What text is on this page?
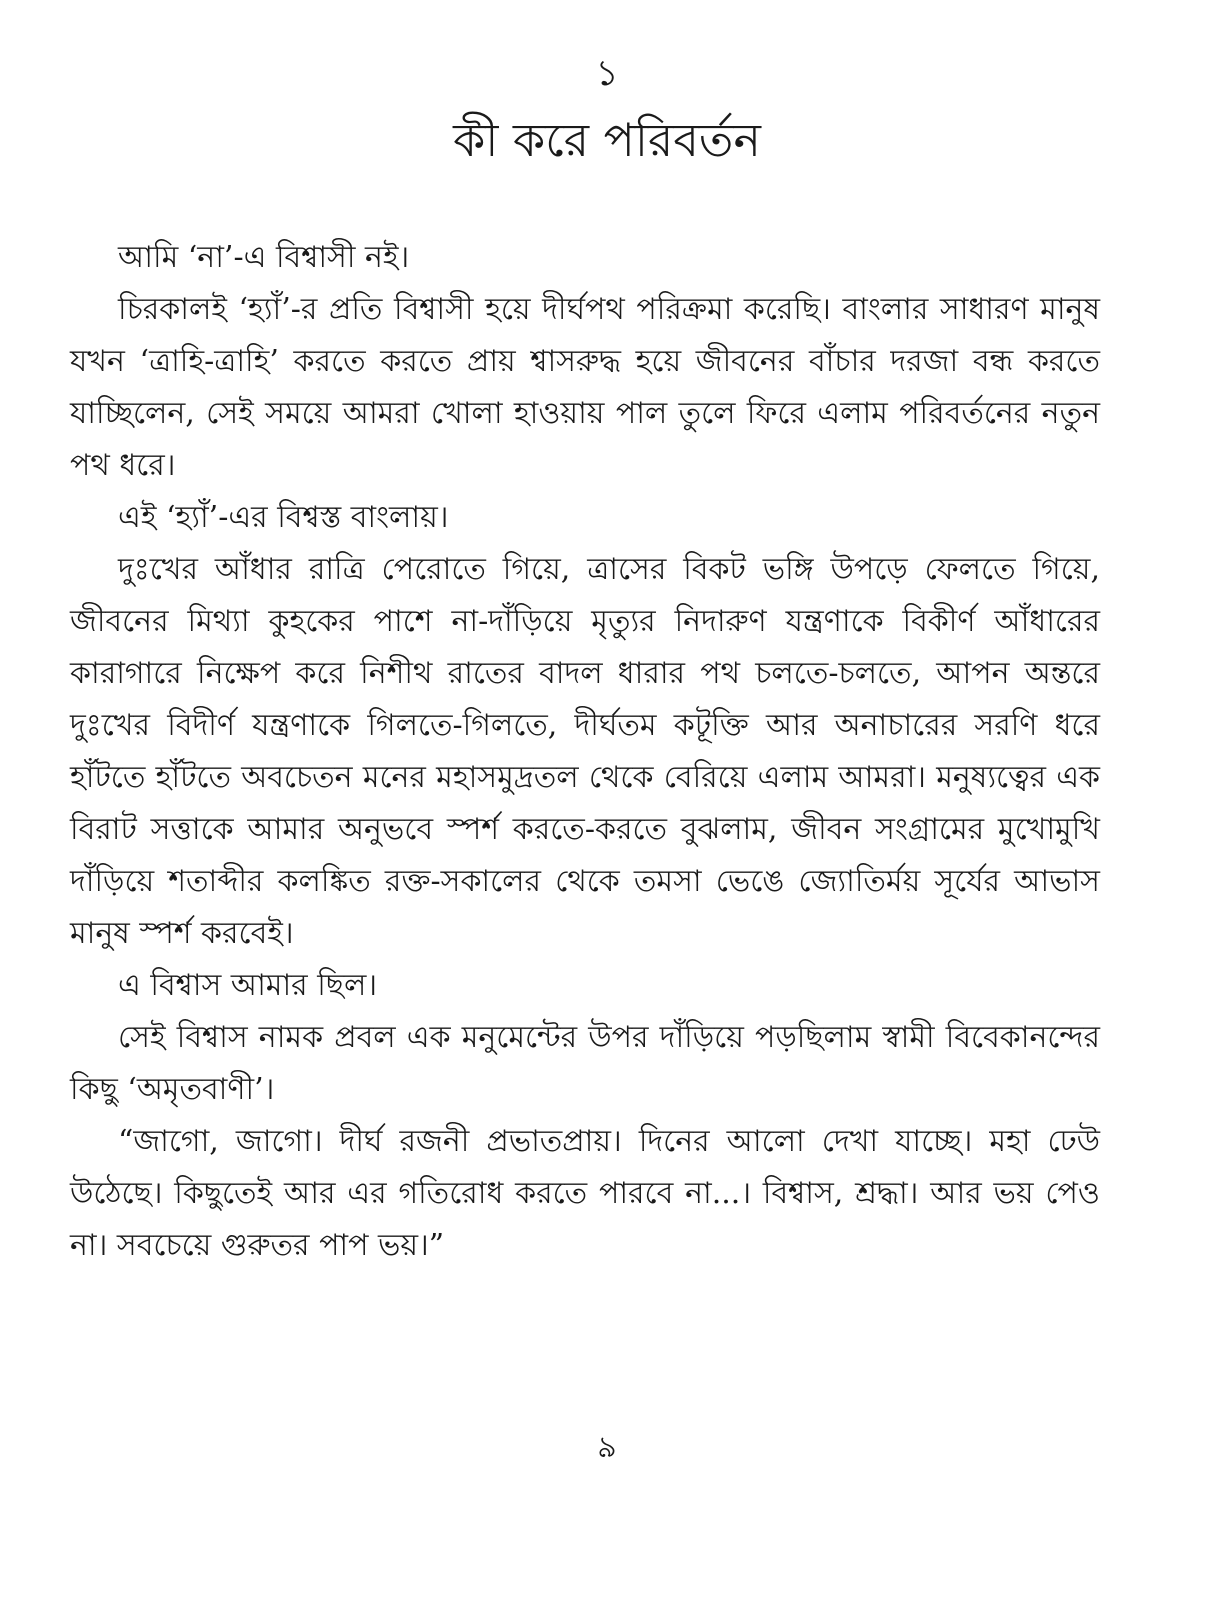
১
কী করে পরিবর্তন

আমি ‘না’-এ বিশ্বাসী নই।

চিরকালই ‘হ্যাঁ’-র প্রতি বিশ্বাসী হয়ে দীর্ঘপথ পরিক্রমা করেছি। বাংলার সাধারণ মানুষ যখন ‘ত্রাহি-ত্রাহি’ করতে করতে প্রায় শ্বাসরুদ্ধ হয়ে জীবনের বাঁচার দরজা বন্ধ করতে যাচ্ছিলেন, সেই সময়ে আমরা খোলা হাওয়ায় পাল তুলে ফিরে এলাম পরিবর্তনের নতুন পথ ধরে।

এই ‘হ্যাঁ’-এর বিশ্বস্ত বাংলায়।

দুঃখের আঁধার রাত্রি পেরোতে গিয়ে, ত্রাসের বিকট ভঙ্গি উপড়ে ফেলতে গিয়ে, জীবনের মিথ্যা কুহকের পাশে না-দাঁড়িয়ে মৃত্যুর নিদারুণ যন্ত্রণাকে বিকীর্ণ আঁধারের কারাগারে নিক্ষেপ করে নিশীথ রাতের বাদল ধারার পথ চলতে-চলতে, আপন অন্তরে দুঃখের বিদীর্ণ যন্ত্রণাকে গিলতে-গিলতে, দীর্ঘতম কটূক্তি আর অনাচারের সরণি ধরে হাঁটতে হাঁটতে অবচেতন মনের মহাসমুদ্রতল থেকে বেরিয়ে এলাম আমরা। মনুষ্যত্বের এক বিরাট সত্তাকে আমার অনুভবে স্পর্শ করতে-করতে বুঝলাম, জীবন সংগ্রামের মুখোমুখি দাঁড়িয়ে শতাব্দীর কলঙ্কিত রক্ত-সকালের থেকে তমসা ভেঙে জ্যোতির্ময় সূর্যের আভাস মানুষ স্পর্শ করবেই।

এ বিশ্বাস আমার ছিল।

সেই বিশ্বাস নামক প্রবল এক মনুমেন্টের উপর দাঁড়িয়ে পড়ছিলাম স্বামী বিবেকানন্দের কিছু ‘অমৃতবাণী’।

“জাগো, জাগো। দীর্ঘ রজনী প্রভাতপ্রায়। দিনের আলো দেখা যাচ্ছে। মহা ঢেউ উঠেছে। কিছুতেই আর এর গতিরোধ করতে পারবে না...। বিশ্বাস, শ্রদ্ধা। আর ভয় পেও না। সবচেয়ে গুরুতর পাপ ভয়।”

৯
